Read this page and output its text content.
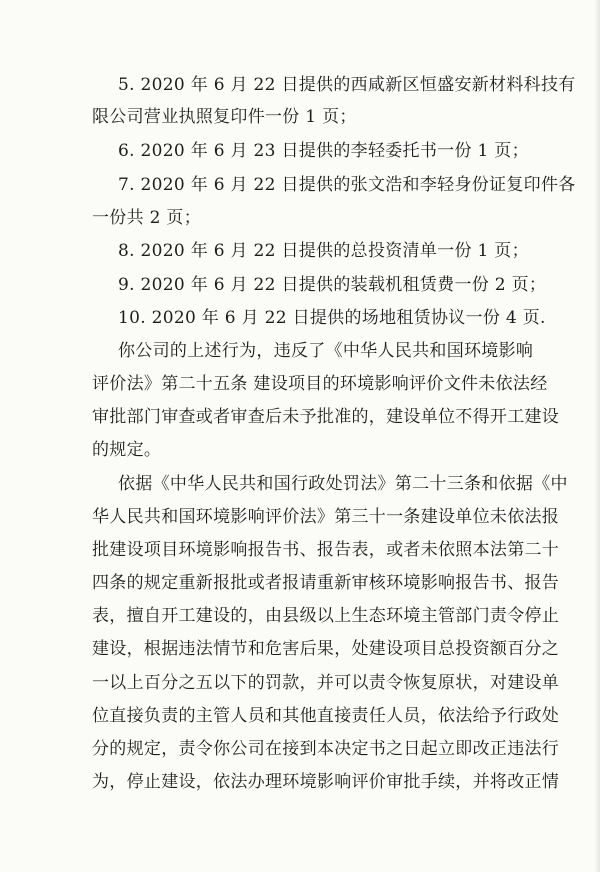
5. 2020 年 6 月 22 日提供的西咸新区恒盛安新材料科技有
限公司营业执照复印件一份 1 页；
6. 2020 年 6 月 23 日提供的李轻委托书一份 1 页；
7. 2020 年 6 月 22 日提供的张文浩和李轻身份证复印件各
一份共 2 页；
8. 2020 年 6 月 22 日提供的总投资清单一份 1 页；
9. 2020 年 6 月 22 日提供的装载机租赁费一份 2 页；
10. 2020 年 6 月 22 日提供的场地租赁协议一份 4 页.
你公司的上述行为，违反了《中华人民共和国环境影响
评价法》第二十五条 建设项目的环境影响评价文件未依法经
审批部门审查或者审查后未予批准的，建设单位不得开工建设
的规定。
依据《中华人民共和国行政处罚法》第二十三条和依据《中
华人民共和国环境影响评价法》第三十一条建设单位未依法报
批建设项目环境影响报告书、报告表，或者未依照本法第二十
四条的规定重新报批或者报请重新审核环境影响报告书、报告
表，擅自开工建设的，由县级以上生态环境主管部门责令停止
建设，根据违法情节和危害后果，处建设项目总投资额百分之
一以上百分之五以下的罚款，并可以责令恢复原状，对建设单
位直接负责的主管人员和其他直接责任人员，依法给予行政处
分的规定，责令你公司在接到本决定书之日起立即改正违法行
为，停止建设，依法办理环境影响评价审批手续，并将改正情
